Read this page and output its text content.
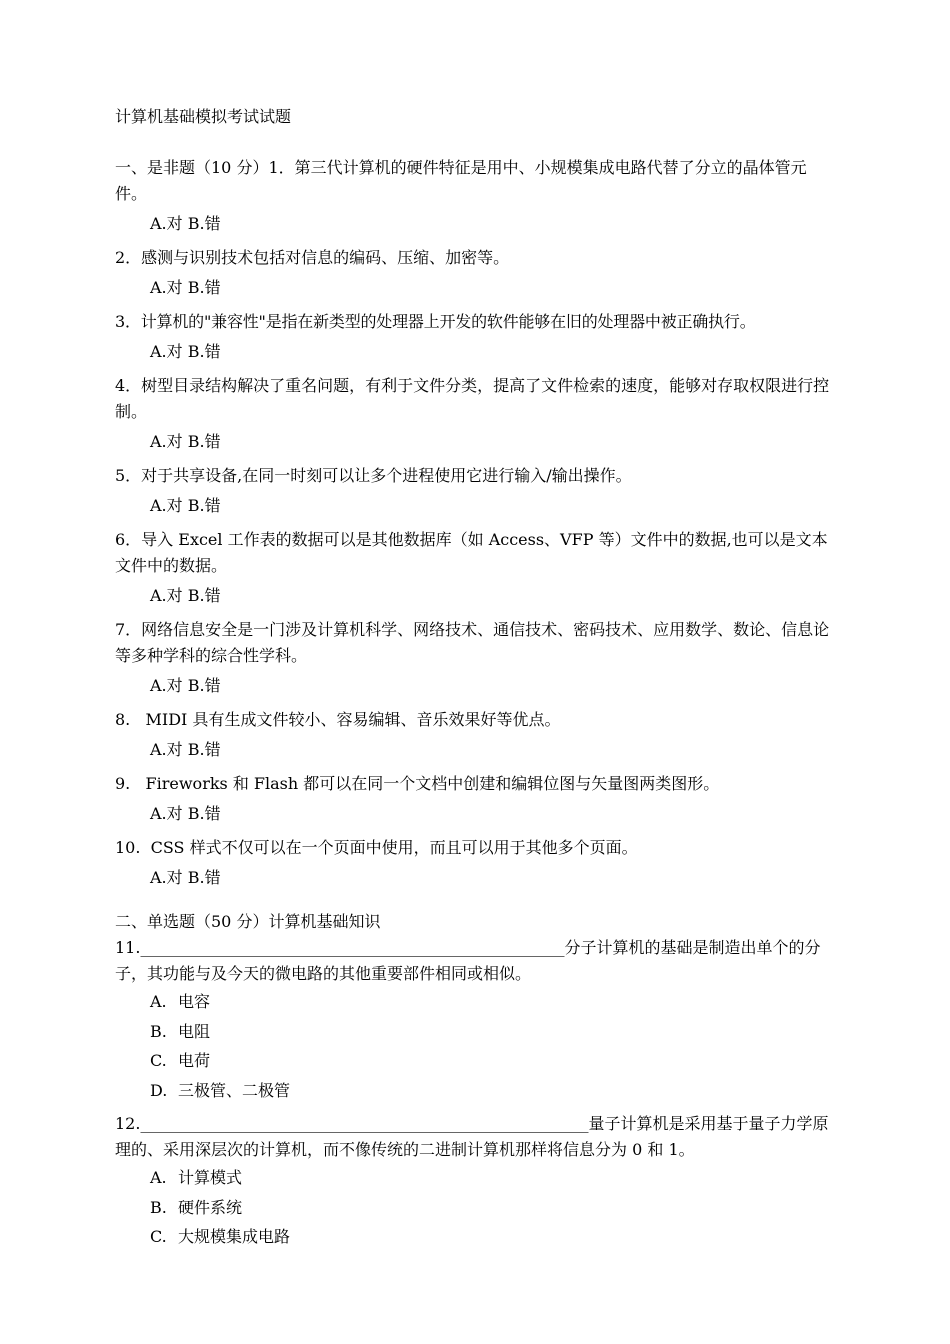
计算机基础模拟考试试题
一、是非题（10 分）1．第三代计算机的硬件特征是用中、小规模集成电路代替了分立的晶体管元件。
A.对 B.错
2．感测与识别技术包括对信息的编码、压缩、加密等。
A.对 B.错
3．计算机的"兼容性"是指在新类型的处理器上开发的软件能够在旧的处理器中被正确执行。
A.对 B.错
4．树型目录结构解决了重名问题，有利于文件分类，提高了文件检索的速度，能够对存取权限进行控制。
A.对 B.错
5．对于共享设备,在同一时刻可以让多个进程使用它进行输入/输出操作。
A.对 B.错
6．导入 Excel 工作表的数据可以是其他数据库（如 Access、VFP 等）文件中的数据,也可以是文本文件中的数据。
A.对 B.错
7．网络信息安全是一门涉及计算机科学、网络技术、通信技术、密码技术、应用数学、数论、信息论等多种学科的综合性学科。
A.对 B.错
8.   MIDI 具有生成文件较小、容易编辑、音乐效果好等优点。
A.对 B.错
9.   Fireworks 和 Flash 都可以在同一个文档中创建和编辑位图与矢量图两类图形。
A.对 B.错
10.  CSS 样式不仅可以在一个页面中使用，而且可以用于其他多个页面。
A.对 B.错
二、单选题（50 分）计算机基础知识
11._____________________________________________________分子计算机的基础是制造出单个的分子，其功能与及今天的微电路的其他重要部件相同或相似。
A. 电容
B. 电阻
C. 电荷
D. 三极管、二极管
12.________________________________________________________量子计算机是采用基于量子力学原理的、采用深层次的计算机，而不像传统的二进制计算机那样将信息分为 0 和 1。
A. 计算模式
B. 硬件系统
C. 大规模集成电路
